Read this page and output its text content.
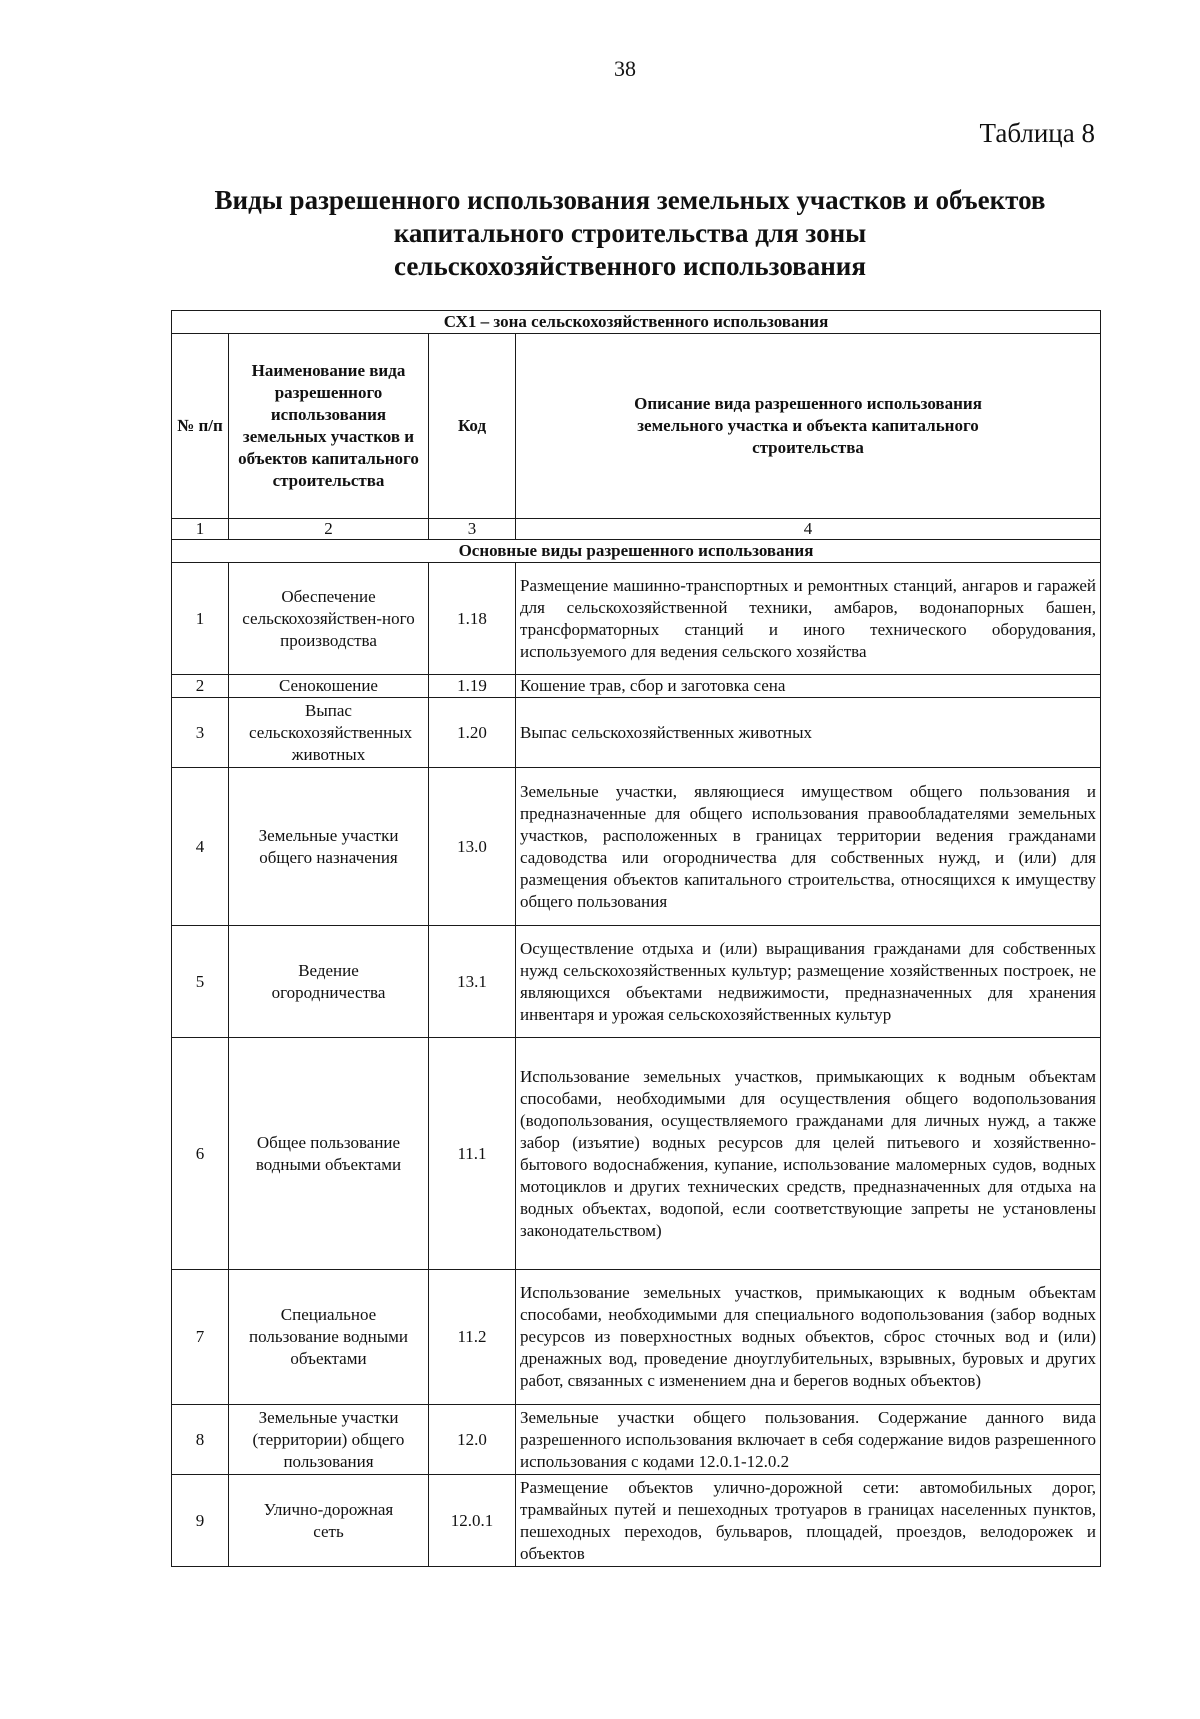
38
Таблица 8
Виды разрешенного использования земельных участков и объектов
капитального строительства для зоны
сельскохозяйственного использования
СХ1 – зона сельскохозяйственного использования			
№ п/п	Наименование вида разрешенного использования земельных участков и объектов капитального строительства	Код	Описание вида разрешенного использования земельного участка и объекта капитального строительства
1	2	3	4
Основные виды разрешенного использования			
1	Обеспечение сельскохозяйствен-ного производства	1.18	Размещение машинно-транспортных и ремонтных станций, ангаров и гаражей для сельскохозяйственной техники, амбаров, водонапорных башен, трансформаторных станций и иного технического оборудования, используемого для ведения сельского хозяйства
2	Сенокошение	1.19	Кошение трав, сбор и заготовка сена
3	Выпас сельскохозяйственных животных	1.20	Выпас сельскохозяйственных животных
4	Земельные участки общего назначения	13.0	Земельные участки, являющиеся имуществом общего пользования и предназначенные для общего использования правообладателями земельных участков, расположенных в границах территории ведения гражданами садоводства или огородничества для собственных нужд, и (или) для размещения объектов капитального строительства, относящихся к имуществу общего пользования
5	Ведение огородничества	13.1	Осуществление отдыха и (или) выращивания гражданами для собственных нужд сельскохозяйственных культур; размещение хозяйственных построек, не являющихся объектами недвижимости, предназначенных для хранения инвентаря и урожая сельскохозяйственных культур
6	Общее пользование водными объектами	11.1	Использование земельных участков, примыкающих к водным объектам способами, необходимыми для осуществления общего водопользования (водопользования, осуществляемого гражданами для личных нужд, а также забор (изъятие) водных ресурсов для целей питьевого и хозяйственно-бытового водоснабжения, купание, использование маломерных судов, водных мотоциклов и других технических средств, предназначенных для отдыха на водных объектах, водопой, если соответствующие запреты не установлены законодательством)
7	Специальное пользование водными объектами	11.2	Использование земельных участков, примыкающих к водным объектам способами, необходимыми для специального водопользования (забор водных ресурсов из поверхностных водных объектов, сброс сточных вод и (или) дренажных вод, проведение дноуглубительных, взрывных, буровых и других работ, связанных с изменением дна и берегов водных объектов)
8	Земельные участки (территории) общего пользования	12.0	Земельные участки общего пользования. Содержание данного вида разрешенного использования включает в себя содержание видов разрешенного использования с кодами 12.0.1-12.0.2
9	Улично-дорожная сеть	12.0.1	Размещение объектов улично-дорожной сети: автомобильных дорог, трамвайных путей и пешеходных тротуаров в границах населенных пунктов, пешеходных переходов, бульваров, площадей, проездов, велодорожек и объектов
